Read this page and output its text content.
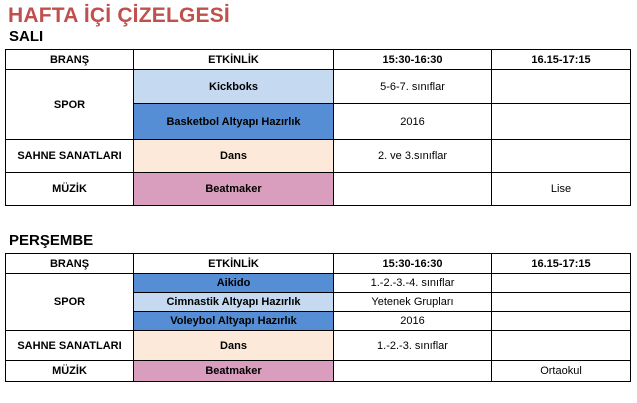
HAFTA İÇİ ÇİZELGESİ
SALI
BRANŞ	ETKİNLİK	15:30-16:30	16.15-17:15
SPOR	Kickboks	5-6-7. sınıflar	
	Basketbol Altyapı Hazırlık	2016	
SAHNE SANATLARI	Dans	2. ve 3.sınıflar	
MÜZİK	Beatmaker		Lise
PERŞEMBE
BRANŞ	ETKİNLİK	15:30-16:30	16.15-17:15
SPOR	Aikido	1.-2.-3.-4. sınıflar	
	Cimnastik Altyapı Hazırlık	Yetenek Grupları	
	Voleybol Altyapı Hazırlık	2016	
SAHNE SANATLARI	Dans	1.-2.-3. sınıflar	
MÜZİK	Beatmaker		Ortaokul
